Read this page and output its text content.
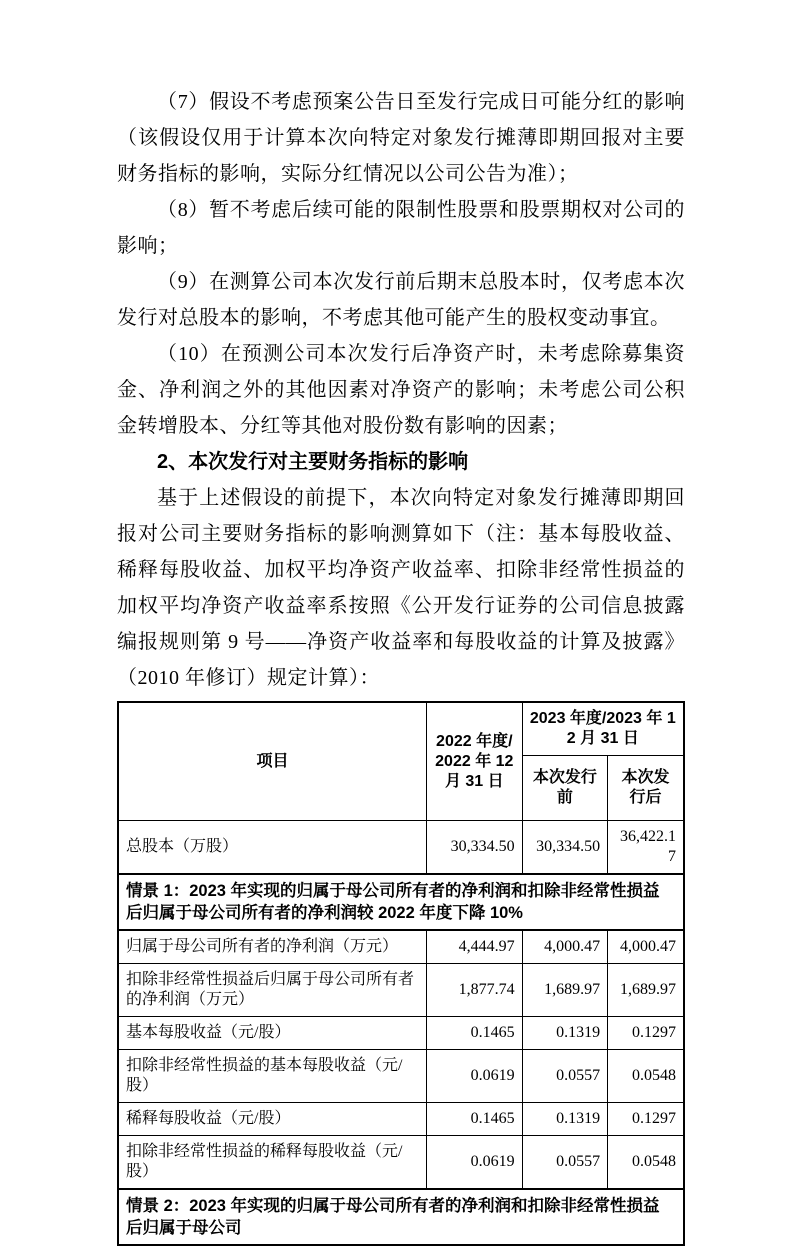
（7）假设不考虑预案公告日至发行完成日可能分红的影响（该假设仅用于计算本次向特定对象发行摊薄即期回报对主要财务指标的影响，实际分红情况以公司公告为准）；

（8）暂不考虑后续可能的限制性股票和股票期权对公司的影响；

（9）在测算公司本次发行前后期末总股本时，仅考虑本次发行对总股本的影响，不考虑其他可能产生的股权变动事宜。

（10）在预测公司本次发行后净资产时，未考虑除募集资金、净利润之外的其他因素对净资产的影响；未考虑公司公积金转增股本、分红等其他对股份数有影响的因素；

2、本次发行对主要财务指标的影响

基于上述假设的前提下，本次向特定对象发行摊薄即期回报对公司主要财务指标的影响测算如下（注：基本每股收益、稀释每股收益、加权平均净资产收益率、扣除非经常性损益的加权平均净资产收益率系按照《公开发行证券的公司信息披露编报规则第 9 号——净资产收益率和每股收益的计算及披露》（2010 年修订）规定计算）：

项目	2022 年度/2022 年 12 月 31 日	2023 年度/2023 年 12 月 31 日	
		本次发行前	本次发行后
总股本（万股）	30,334.50	30,334.50	36,422.17
情景 1：2023 年实现的归属于母公司所有者的净利润和扣除非经常性损益后归属于母公司所有者的净利润较 2022 年度下降 10%			
归属于母公司所有者的净利润（万元）	4,444.97	4,000.47	4,000.47
扣除非经常性损益后归属于母公司所有者的净利润（万元）	1,877.74	1,689.97	1,689.97
基本每股收益（元/股）	0.1465	0.1319	0.1297
扣除非经常性损益的基本每股收益（元/股）	0.0619	0.0557	0.0548
稀释每股收益（元/股）	0.1465	0.1319	0.1297
扣除非经常性损益的稀释每股收益（元/股）	0.0619	0.0557	0.0548
情景 2：2023 年实现的归属于母公司所有者的净利润和扣除非经常性损益后归属于母公司			
